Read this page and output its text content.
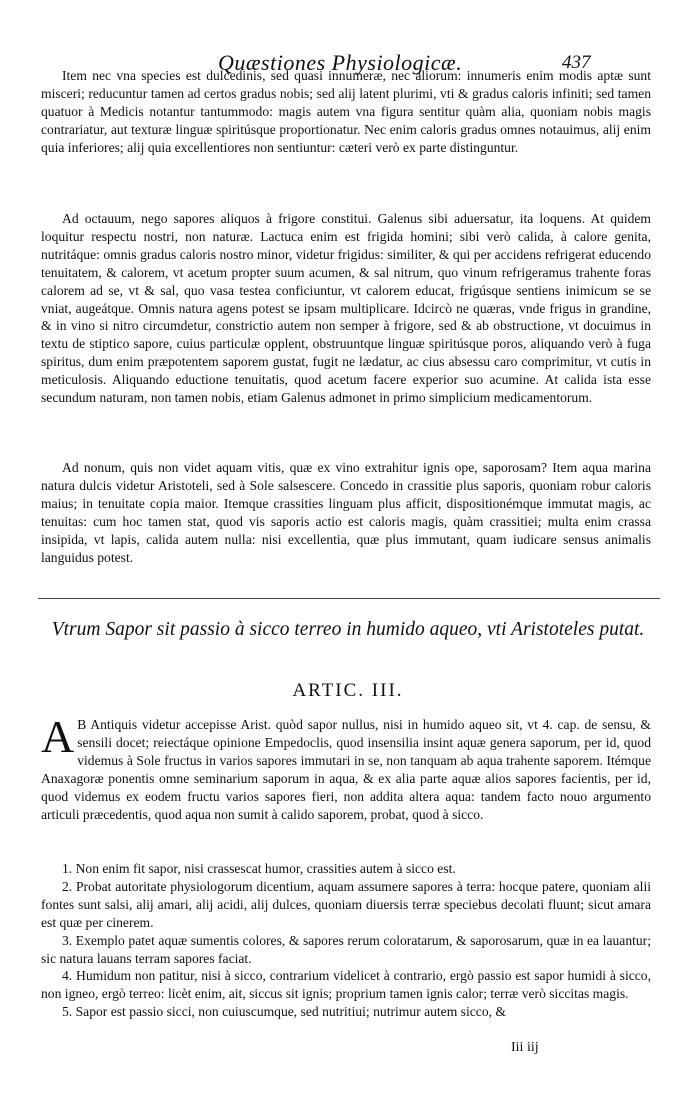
Quæstiones Physiologicæ.	437

Item nec vna species est dulcedinis, sed quasi innumeræ, nec aliorum: innumeris enim modis aptæ sunt misceri; reducuntur tamen ad certos gradus nobis; sed alij latent plurimi, vti & gradus caloris infiniti; sed tamen quatuor à Medicis notantur tantummodo: magis autem vna figura sentitur quàm alia, quoniam nobis magis contrariatur, aut texturæ linguæ spiritúsque proportionatur. Nec enim caloris gradus omnes notauimus, alij enim quia inferiores; alij quia excellentiores non sentiuntur: cæteri verò ex parte distinguntur.

Ad octauum, nego sapores aliquos à frigore constitui. Galenus sibi aduersatur, ita loquens. At quidem loquitur respectu nostri, non naturæ. Lactuca enim est frigida homini; sibi verò calida, à calore genita, nutritáque: omnis gradus caloris nostro minor, videtur frigidus: similiter, & qui per accidens refrigerat educendo tenuitatem, & calorem, vt acetum propter suum acumen, & sal nitrum, quo vinum refrigeramus trahente foras calorem ad se, vt & sal, quo vasa testea conficiuntur, vt calorem educat, frigúsque sentiens inimicum se se vniat, augeátque. Omnis natura agens potest se ipsam multiplicare. Idcircò ne quæras, vnde frigus in grandine, & in vino si nitro circumdetur, constrictio autem non semper à frigore, sed & ab obstructione, vt docuimus in textu de stiptico sapore, cuius particulæ opplent, obstruuntque linguæ spiritúsque poros, aliquando verò à fuga spiritus, dum enim præpotentem saporem gustat, fugit ne lædatur, ac cius absessu caro comprimitur, vt cutis in meticulosis. Aliquando eductione tenuitatis, quod acetum facere experior suo acumine. At calida ista esse secundum naturam, non tamen nobis, etiam Galenus admonet in primo simplicium medicamentorum.

Ad nonum, quis non videt aquam vitis, quæ ex vino extrahitur ignis ope, saporosam? Item aqua marina natura dulcis videtur Aristoteli, sed à Sole salsescere. Concedo in crassitie plus saporis, quoniam robur caloris maius; in tenuitate copia maior. Itemque crassities linguam plus afficit, dispositionémque immutat magis, ac tenuitas: cum hoc tamen stat, quod vis saporis actio est caloris magis, quàm crassitiei; multa enim crassa insipida, vt lapis, calida autem nulla: nisi excellentia, quæ plus immutant, quam iudicare sensus animalis languidus potest.

Vtrum Sapor sit passio à sicco terreo in humido aqueo, vti Aristoteles putat.
ARTIC. III.

A B Antiquis videtur accepisse Arist. quòd sapor nullus, nisi in humido aqueo sit, vt 4. cap. de sensu, & sensili docet; reiectáque opinione Empedoclis, quod insensilia insint aquæ genera saporum, per id, quod videmus à Sole fructus in varios sapores immutari in se, non tanquam ab aqua trahente saporem. Itémque Anaxagoræ ponentis omne seminarium saporum in aqua, & ex alia parte aquæ alios sapores facientis, per id, quod videmus ex eodem fructu varios sapores fieri, non addita altera aqua: tandem facto nouo argumento articuli præcedentis, quod aqua non sumit à calido saporem, probat, quod à sicco.

1. Non enim fit sapor, nisi crassescat humor, crassities autem à sicco est.

2. Probat autoritate physiologorum dicentium, aquam assumere sapores à terra: hocque patere, quoniam alii fontes sunt salsi, alij amari, alij acidi, alij dulces, quoniam diuersis terræ speciebus decolati fluunt; sicut amara est quæ per cinerem.

3. Exemplo patet aquæ sumentis colores, & sapores rerum coloratarum, & saporosarum, quæ in ea lauantur; sic natura lauans terram sapores faciat.

4. Humidum non patitur, nisi à sicco, contrarium videlicet à contrario, ergò passio est sapor humidi à sicco, non igneo, ergò terreo: licèt enim, ait, siccus sit ignis; proprium tamen ignis calor; terræ verò siccitas magis.

5. Sapor est passio sicci, non cuiuscumque, sed nutritiui; nutrimur autem sicco, &

Iii iij
